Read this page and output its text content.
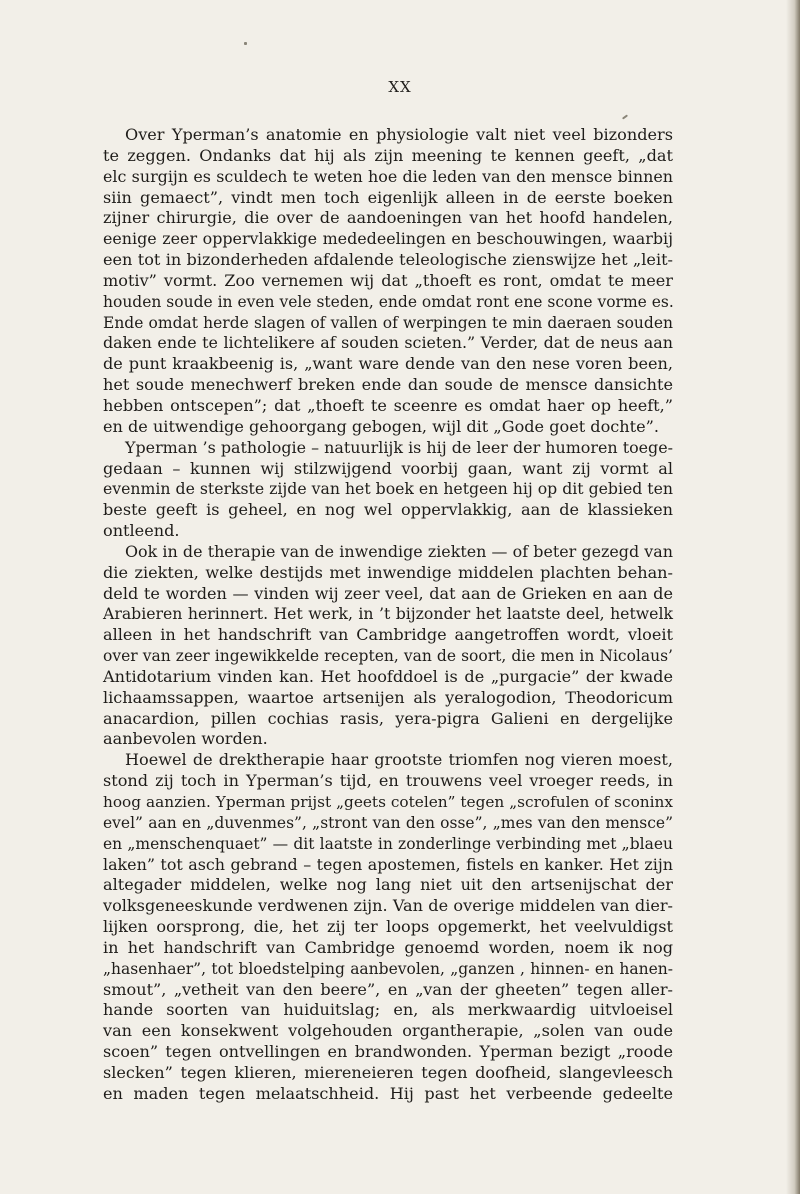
XX
Over Yperman’s anatomie en physiologie valt niet veel bizonders
te zeggen. Ondanks dat hij als zijn meening te kennen geeft, „dat
elc surgijn es sculdech te weten hoe die leden van den mensce binnen
siin gemaect”, vindt men toch eigenlijk alleen in de eerste boeken
zijner chirurgie, die over de aandoeningen van het hoofd handelen,
eenige zeer oppervlakkige mededeelingen en beschouwingen, waarbij
een tot in bizonderheden afdalende teleologische zienswijze het „leit-
motiv” vormt. Zoo vernemen wij dat „thoeft es ront, omdat te meer
houden soude in even vele steden, ende omdat ront ene scone vorme es.
Ende omdat herde slagen of vallen of werpingen te min daeraen souden
daken ende te lichtelikere af souden scieten.” Verder, dat de neus aan
de punt kraakbeenig is, „want ware dende van den nese voren been,
het soude menechwerf breken ende dan soude de mensce dansichte
hebben ontscepen”; dat „thoeft te sceenre es omdat haer op heeft,”
en de uitwendige gehoorgang gebogen, wijl dit „Gode goet dochte”.
Yperman ’s pathologie – natuurlijk is hij de leer der humoren toege-
gedaan – kunnen wij stilzwijgend voorbij gaan, want zij vormt al
evenmin de sterkste zijde van het boek en hetgeen hij op dit gebied ten
beste geeft is geheel, en nog wel oppervlakkig, aan de klassieken
ontleend.
Ook in de therapie van de inwendige ziekten — of beter gezegd van
die ziekten, welke destijds met inwendige middelen plachten behan-
deld te worden — vinden wij zeer veel, dat aan de Grieken en aan de
Arabieren herinnert. Het werk, in ’t bijzonder het laatste deel, hetwelk
alleen in het handschrift van Cambridge aangetroffen wordt, vloeit
over van zeer ingewikkelde recepten, van de soort, die men in Nicolaus’
Antidotarium vinden kan. Het hoofddoel is de „purgacie” der kwade
lichaamssappen, waartoe artsenijen als yeralogodion, Theodoricum
anacardion, pillen cochias rasis, yera-pigra Galieni en dergelijke
aanbevolen worden.
Hoewel de drektherapie haar grootste triomfen nog vieren moest,
stond zij toch in Yperman’s tijd, en trouwens veel vroeger reeds, in
hoog aanzien. Yperman prijst „geets cotelen” tegen „scrofulen of sconinx
evel” aan en „duvenmes”, „stront van den osse”, „mes van den mensce”
en „menschenquaet” — dit laatste in zonderlinge verbinding met „blaeu
laken” tot asch gebrand – tegen apostemen, fistels en kanker. Het zijn
altegader middelen, welke nog lang niet uit den artsenijschat der
volksgeneeskunde verdwenen zijn. Van de overige middelen van dier-
lijken oorsprong, die, het zij ter loops opgemerkt, het veelvuldigst
in het handschrift van Cambridge genoemd worden, noem ik nog
„hasenhaer”, tot bloedstelping aanbevolen, „ganzen , hinnen- en hanen-
smout”, „vetheit van den beere”, en „van der gheeten” tegen aller-
hande soorten van huiduitslag; en, als merkwaardig uitvloeisel
van een konsekwent volgehouden organtherapie, „solen van oude
scoen” tegen ontvellingen en brandwonden. Yperman bezigt „roode
slecken” tegen klieren, miereneieren tegen doofheid, slangevleesch
en maden tegen melaatschheid. Hij past het verbeende gedeelte
